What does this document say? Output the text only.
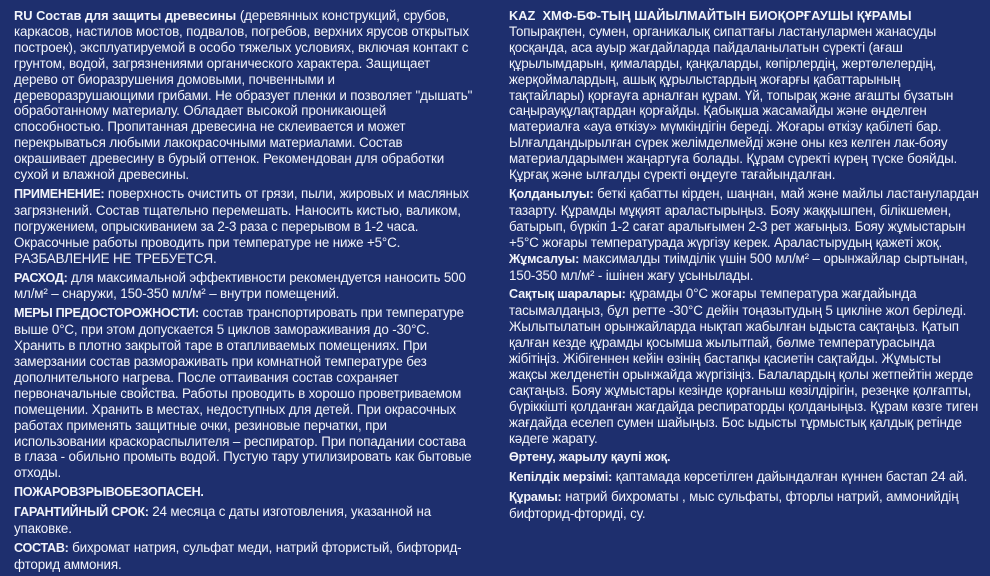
RU Состав для защиты древесины (деревянных конструкций, срубов, каркасов, настилов мостов, подвалов, погребов, верхних ярусов открытых построек), эксплуатируемой в особо тяжелых условиях, включая контакт с грунтом, водой, загрязнениями органического характера. Защищает дерево от биоразрушения домовыми, почвенными и дереворазрушающими грибами. Не образует пленки и позволяет "дышать" обработанному материалу. Обладает высокой проникающей способностью. Пропитанная древесина не склеивается и может перекрываться любыми лакокрасочными материалами. Состав окрашивает древесину в бурый оттенок. Рекомендован для обработки сухой и влажной древесины.

ПРИМЕНЕНИЕ: поверхность очистить от грязи, пыли, жировых и масляных загрязнений. Состав тщательно перемешать. Наносить кистью, валиком, погружением, опрыскиванием за 2-3 раза с перерывом в 1-2 часа. Окрасочные работы проводить при температуре не ниже +5°С.
РАЗБАВЛЕНИЕ НЕ ТРЕБУЕТСЯ.

РАСХОД: для максимальной эффективности рекомендуется наносить 500 мл/м² – снаружи, 150-350 мл/м² – внутри помещений.

МЕРЫ ПРЕДОСТОРОЖНОСТИ: состав транспортировать при температуре выше 0°С, при этом допускается 5 циклов замораживания до -30°С. Хранить в плотно закрытой таре в отапливаемых помещениях. При замерзании состав размораживать при комнатной температуре без дополнительного нагрева. После оттаивания состав сохраняет первоначальные свойства. Работы проводить в хорошо проветриваемом помещении. Хранить в местах, недоступных для детей. При окрасочных работах применять защитные очки, резиновые перчатки, при использовании краскораспылителя – респиратор. При попадании состава в глаза - обильно промыть водой. Пустую тару утилизировать как бытовые отходы.

ПОЖАРОВЗРЫВОБЕЗОПАСЕН.

ГАРАНТИЙНЫЙ СРОК: 24 месяца с даты изготовления, указанной на упаковке.

СОСТАВ: бихромат натрия, сульфат меди, натрий фтористый, бифторид-фторид аммония.

KAZ ХМФ-БФ-ТЫҢ ШАЙЫЛМАЙТЫН БИОҚОРҒАУШЫ ҚҰРАМЫ
Топырақпен, сумен, органикалық сипаттағы ластанулармен жанасуды қосқанда, аса ауыр жағдайларда пайдаланылатын сүректі (ағаш құрылымдарын, қималарды, қаңқаларды, көпірлердің, жертөлелердің, жерқоймалардың, ашық құрылыстардың жоғарғы қабаттарының тақтайлары) қорғауға арналған құрам. Үй, топырақ және ағашты бүзатын саңырауқұлақтардан қорғайды. Қабықша жасамайды және өңделген материалға «ауа өткізу» мүмкіндігін береді. Жоғары өткізу қабілеті бар. Ылғалдандырылған сүрек желімделмейді және оны кез келген лак-бояу материалдарымен жаңартуға болады. Құрам сүректі күрең түске бояйды. Құрғақ және ылғалды сүректі өңдеуге тағайындалған.

Қолданылуы: беткі қабатты кірден, шаңнан, май және майлы ластанулардан тазарту. Құрамды мұқият араластырыңыз. Бояу жаққышпен, білікшемен, батырып, бүркіп 1-2 сағат аралығымен 2-3 рет жағыңыз. Бояу жұмыстарын +5°С жоғары температурада жүргізу керек. Араластырудың қажеті жоқ. Жұмсалуы: максималды тиімділік үшін 500 мл/м² – орынжайлар сыртынан, 150-350 мл/м² - ішінен жағу ұсынылады.

Сақтық шаралары: құрамды 0°С жоғары температура жағдайында тасымалдаңыз, бұл ретте -30°С дейін тоңазытудың 5 цикліне жол беріледі. Жылытылатын орынжайларда нықтап жабылған ыдыста сақтаңыз. Қатып қалған кезде құрамды қосымша жылытпай, бөлме температурасында жібітіңіз. Жібігеннен кейін өзінің бастапқы қасиетін сақтайды. Жұмысты жақсы желденетін орынжайда жүргізіңіз. Балалардың қолы жетпейтін жерде сақтаңыз. Бояу жұмыстары кезінде қорғаныш көзілдірігін, резеңке қолғапты, бүріккішті қолданған жағдайда респираторды қолданыңыз. Құрам көзге тиген жағдайда еселеп сумен шайыңыз. Бос ыдысты тұрмыстық қалдық ретінде кәдеге жарату.

Өртену, жарылу қаупі жоқ.

Кепілдік мерзімі: қаптамада көрсетілген дайындалған күннен бастап 24 ай.

Құрамы: натрий бихроматы , мыс сульфаты, фторлы натрий, аммонийдің бифторид-фториді, су.
